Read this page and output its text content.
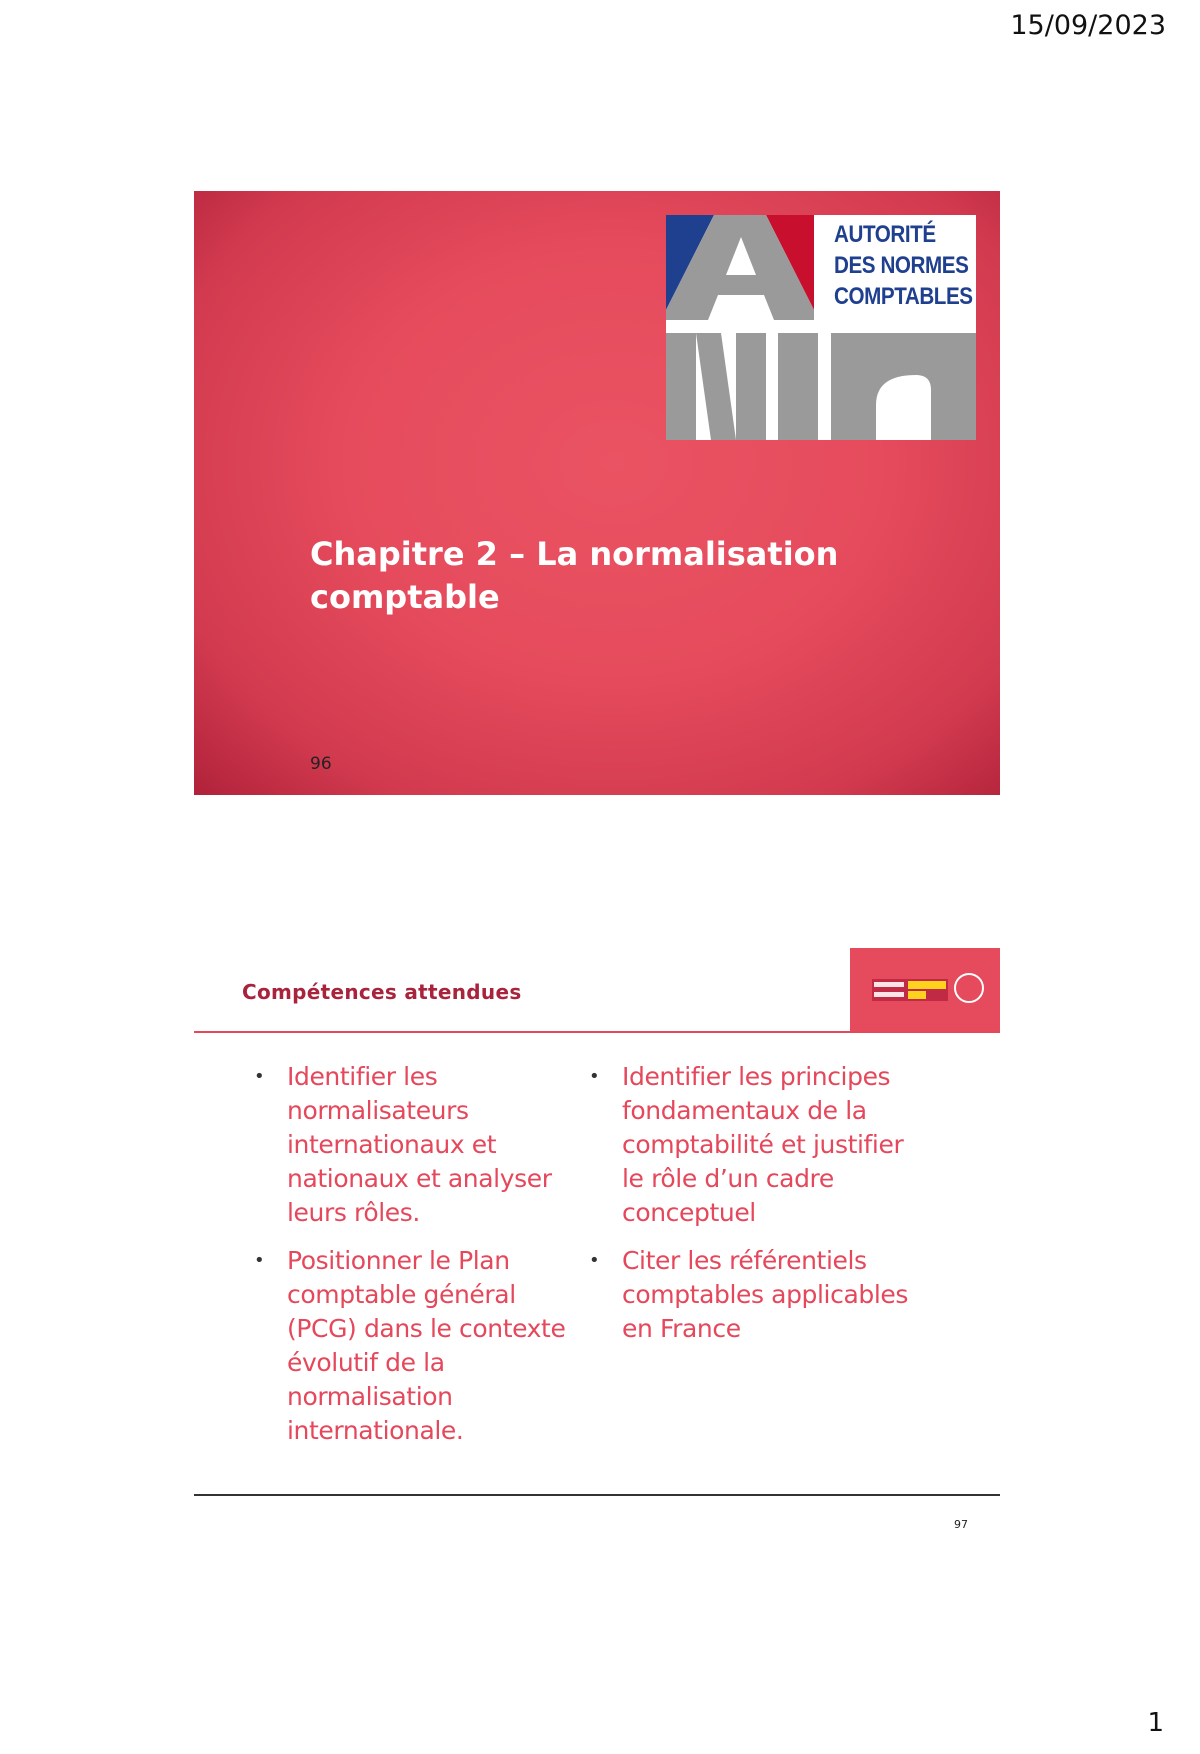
15/09/2023
AUTORITÉ
DES NORMES
COMPTABLES
Chapitre 2 – La normalisation
comptable
96
Compétences attendues
• Identifier les normalisateurs internationaux et nationaux et analyser leurs rôles.
• Positionner le Plan comptable général (PCG) dans le contexte évolutif de la normalisation internationale.
• Identifier les principes fondamentaux de la comptabilité et justifier le rôle d’un cadre conceptuel
• Citer les référentiels comptables applicables en France
97
1
